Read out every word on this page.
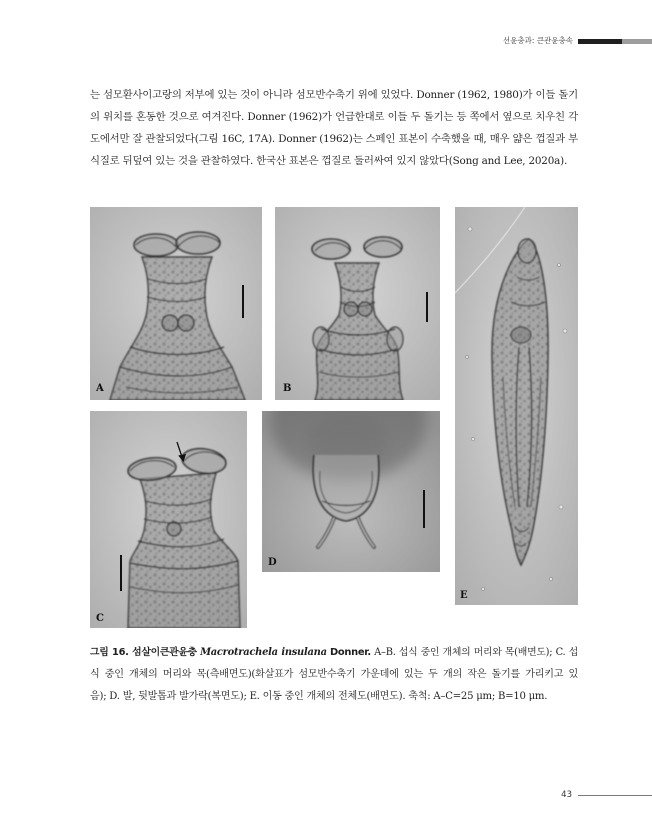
선윤충과: 큰관윤충속
는 섬모환사이고랑의 저부에 있는 것이 아니라 섬모반수축기 위에 있었다. Donner (1962, 1980)가 이들 돌기
의 위치를 혼동한 것으로 여겨진다. Donner (1962)가 언급한대로 이들 두 돌기는 등 쪽에서 옆으로 치우친 각
도에서만 잘 관찰되었다(그림 16C, 17A). Donner (1962)는 스페인 표본이 수축했을 때, 매우 얇은 껍질과 부
식질로 뒤덮여 있는 것을 관찰하였다. 한국산 표본은 껍질로 둘러싸여 있지 않았다(Song and Lee, 2020a).
A	B
E
C
D
그림 16. 섬살이큰관윤충 Macrotrachela insulana Donner. A–B. 섭식 중인 개체의 머리와 목(배면도); C. 섭
식 중인 개체의 머리와 목(측배면도)(화살표가 섬모반수축기 가운데에 있는 두 개의 작은 돌기를 가리키고 있
음); D. 발, 뒷발톱과 발가락(복면도); E. 이동 중인 개체의 전체도(배면도). 축척: A–C=25 μm; B=10 μm.
43
